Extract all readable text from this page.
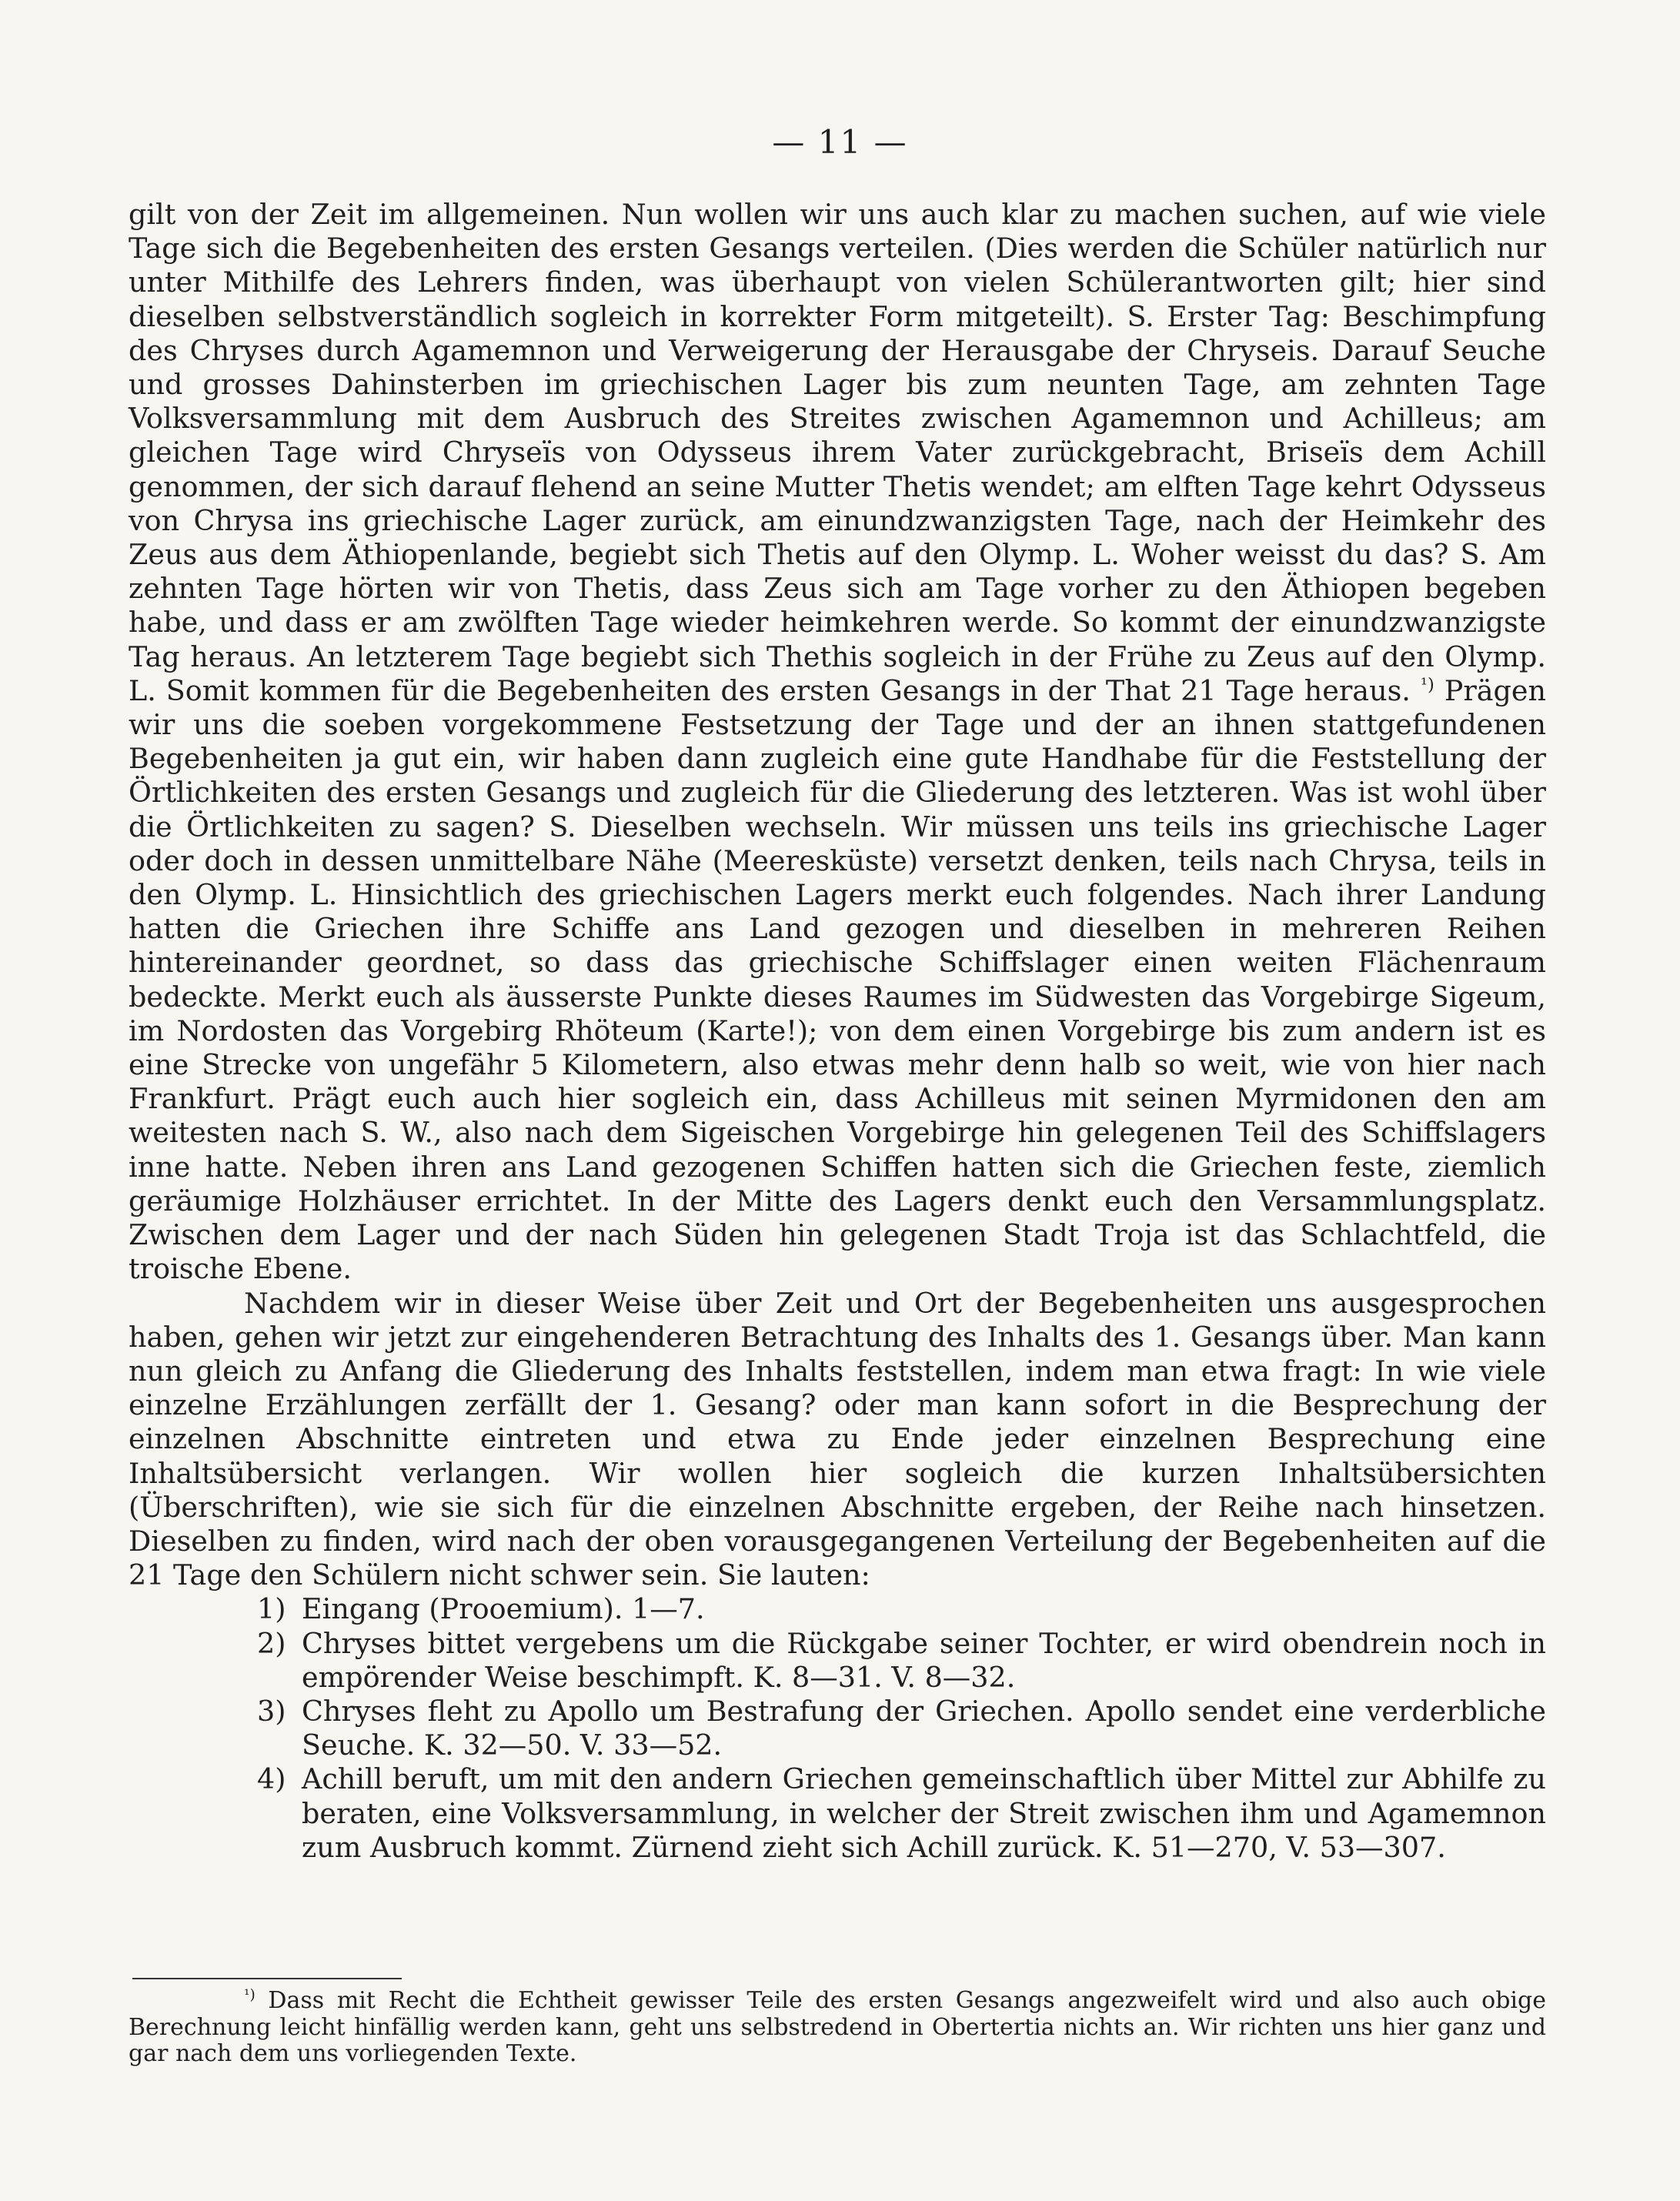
— 11 —

gilt von der Zeit im allgemeinen. Nun wollen wir uns auch klar zu machen suchen, auf wie viele Tage sich die Begebenheiten des ersten Gesangs verteilen. (Dies werden die Schüler natürlich nur unter Mithilfe des Lehrers finden, was überhaupt von vielen Schülerantworten gilt; hier sind dieselben selbstverständlich sogleich in korrekter Form mitgeteilt). S. Erster Tag: Beschimpfung des Chryses durch Agamemnon und Verweigerung der Herausgabe der Chryseis. Darauf Seuche und grosses Dahinsterben im griechischen Lager bis zum neunten Tage, am zehnten Tage Volksversammlung mit dem Ausbruch des Streites zwischen Agamemnon und Achilleus; am gleichen Tage wird Chryseïs von Odysseus ihrem Vater zurückgebracht, Briseïs dem Achill genommen, der sich darauf flehend an seine Mutter Thetis wendet; am elften Tage kehrt Odysseus von Chrysa ins griechische Lager zurück, am einundzwanzigsten Tage, nach der Heimkehr des Zeus aus dem Äthiopenlande, begiebt sich Thetis auf den Olymp. L. Woher weisst du das? S. Am zehnten Tage hörten wir von Thetis, dass Zeus sich am Tage vorher zu den Äthiopen begeben habe, und dass er am zwölften Tage wieder heimkehren werde. So kommt der einundzwanzigste Tag heraus. An letzterem Tage begiebt sich Thethis sogleich in der Frühe zu Zeus auf den Olymp. L. Somit kommen für die Begebenheiten des ersten Gesangs in der That 21 Tage heraus. $^{^1)}$ Prägen wir uns die soeben vorgekommene Festsetzung der Tage und der an ihnen stattgefundenen Begebenheiten ja gut ein, wir haben dann zugleich eine gute Handhabe für die Feststellung der Örtlichkeiten des ersten Gesangs und zugleich für die Gliederung des letzteren. Was ist wohl über die Örtlichkeiten zu sagen? S. Dieselben wechseln. Wir müssen uns teils ins griechische Lager oder doch in dessen unmittelbare Nähe (Meeresküste) versetzt denken, teils nach Chrysa, teils in den Olymp. L. Hinsichtlich des griechischen Lagers merkt euch folgendes. Nach ihrer Landung hatten die Griechen ihre Schiffe ans Land gezogen und dieselben in mehreren Reihen hintereinander geordnet, so dass das griechische Schiffslager einen weiten Flächenraum bedeckte. Merkt euch als äusserste Punkte dieses Raumes im Südwesten das Vorgebirge Sigeum, im Nordosten das Vorgebirg Rhöteum (Karte!); von dem einen Vorgebirge bis zum andern ist es eine Strecke von ungefähr 5 Kilometern, also etwas mehr denn halb so weit, wie von hier nach Frankfurt. Prägt euch auch hier sogleich ein, dass Achilleus mit seinen Myrmidonen den am weitesten nach S. W., also nach dem Sigeischen Vorgebirge hin gelegenen Teil des Schiffslagers inne hatte. Neben ihren ans Land gezogenen Schiffen hatten sich die Griechen feste, ziemlich geräumige Holzhäuser errichtet. In der Mitte des Lagers denkt euch den Versammlungsplatz. Zwischen dem Lager und der nach Süden hin gelegenen Stadt Troja ist das Schlachtfeld, die troische Ebene.

Nachdem wir in dieser Weise über Zeit und Ort der Begebenheiten uns ausgesprochen haben, gehen wir jetzt zur eingehenderen Betrachtung des Inhalts des 1. Gesangs über. Man kann nun gleich zu Anfang die Gliederung des Inhalts feststellen, indem man etwa fragt: In wie viele einzelne Erzählungen zerfällt der 1. Gesang? oder man kann sofort in die Besprechung der einzelnen Abschnitte eintreten und etwa zu Ende jeder einzelnen Besprechung eine Inhaltsübersicht verlangen. Wir wollen hier sogleich die kurzen Inhaltsübersichten (Überschriften), wie sie sich für die einzelnen Abschnitte ergeben, der Reihe nach hinsetzen. Dieselben zu finden, wird nach der oben vorausgegangenen Verteilung der Begebenheiten auf die 21 Tage den Schülern nicht schwer sein. Sie lauten:

1) Eingang (Prooemium). 1—7.
2) Chryses bittet vergebens um die Rückgabe seiner Tochter, er wird obendrein noch in empörender Weise beschimpft. K. 8—31. V. 8—32.
3) Chryses fleht zu Apollo um Bestrafung der Griechen. Apollo sendet eine verderbliche Seuche. K. 32—50. V. 33—52.
4) Achill beruft, um mit den andern Griechen gemeinschaftlich über Mittel zur Abhilfe zu beraten, eine Volksversammlung, in welcher der Streit zwischen ihm und Agamemnon zum Ausbruch kommt. Zürnend zieht sich Achill zurück. K. 51—270, V. 53—307.
$^{^1)}$ Dass mit Recht die Echtheit gewisser Teile des ersten Gesangs angezweifelt wird und also auch obige Berechnung leicht hinfällig werden kann, geht uns selbstredend in Obertertia nichts an. Wir richten uns hier ganz und gar nach dem uns vorliegenden Texte.
